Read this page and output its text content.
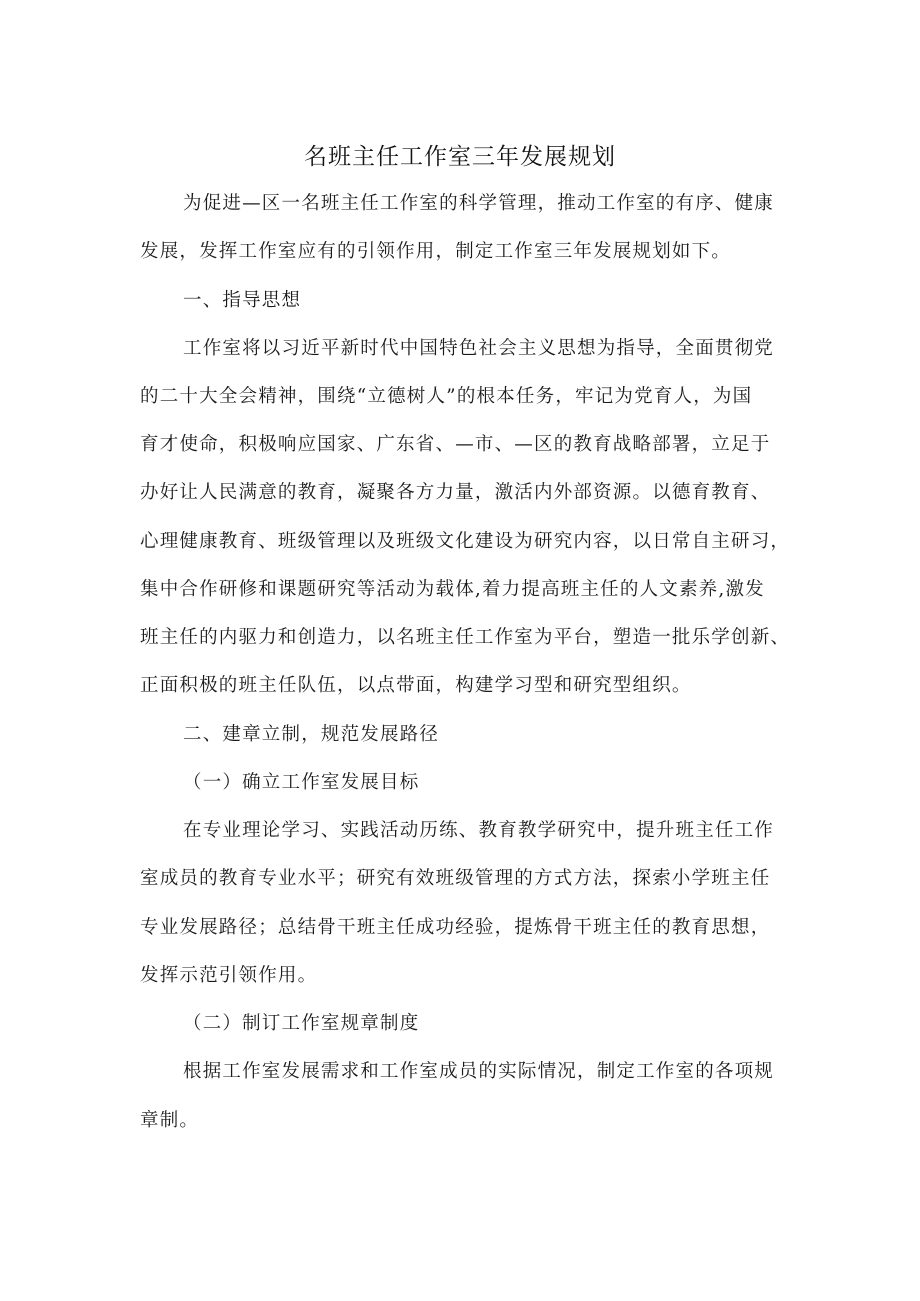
名班主任工作室三年发展规划
为促进—区一名班主任工作室的科学管理，推动工作室的有序、健康
发展，发挥工作室应有的引领作用，制定工作室三年发展规划如下。
一、指导思想
工作室将以习近平新时代中国特色社会主义思想为指导，全面贯彻党
的二十大全会精神，围绕“立德树人”的根本任务，牢记为党育人，为国
育才使命，积极响应国家、广东省、—市、—区的教育战略部署，立足于
办好让人民满意的教育，凝聚各方力量，激活内外部资源。以德育教育、
心理健康教育、班级管理以及班级文化建设为研究内容，以日常自主研习，
集中合作研修和课题研究等活动为载体,着力提高班主任的人文素养,激发
班主任的内驱力和创造力，以名班主任工作室为平台，塑造一批乐学创新、
正面积极的班主任队伍，以点带面，构建学习型和研究型组织。
二、建章立制，规范发展路径
（一）确立工作室发展目标
在专业理论学习、实践活动历练、教育教学研究中，提升班主任工作
室成员的教育专业水平；研究有效班级管理的方式方法，探索小学班主任
专业发展路径；总结骨干班主任成功经验，提炼骨干班主任的教育思想，
发挥示范引领作用。
（二）制订工作室规章制度
根据工作室发展需求和工作室成员的实际情况，制定工作室的各项规
章制。
